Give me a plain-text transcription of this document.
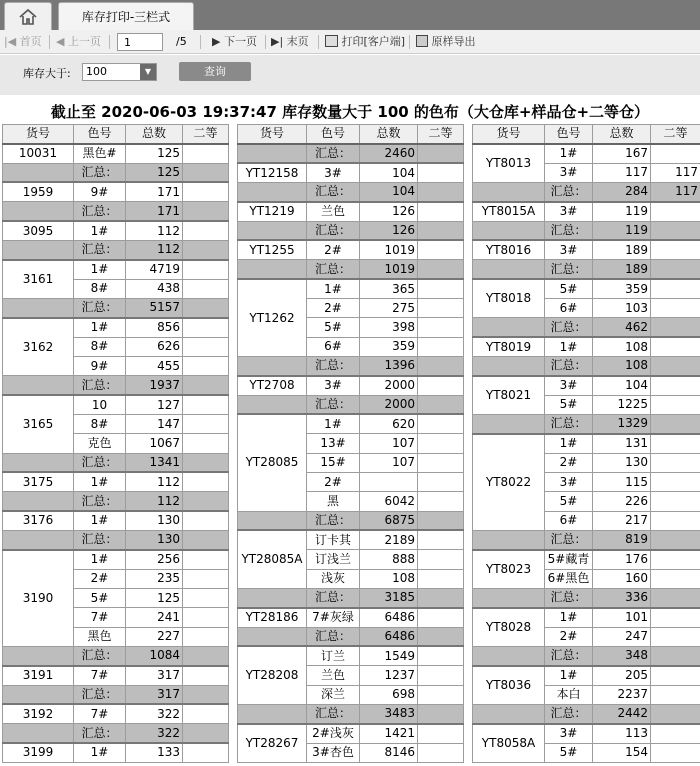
库存打印-三栏式
|◀ 首页 ◀ 上一页	▶ 下一页 ▶| 末页	打印[客户端]	原样导出
1
/5
库存大于:	100	▼	查询
截止至 2020-06-03 19:37:47 库存数量大于 100 的色布（大仓库+样品仓+二等仓）
货号	色号	总数	二等
10031	黑色#	125	
	汇总：	125	
1959	9#	171	
	汇总：	171	
3095	1#	112	
	汇总：	112	
3161	1#	4719	
	8#	438	
	汇总：	5157	
3162	1#	856	
	8#	626	
	9#	455	
	汇总：	1937	
3165	10	127	
	8#	147	
	克色	1067	
	汇总：	1341	
3175	1#	112	
	汇总：	112	
3176	1#	130	
	汇总：	130	
3190	1#	256	
	2#	235	
	5#	125	
	7#	241	
	黑色	227	
	汇总：	1084	
3191	7#	317	
	汇总：	317	
3192	7#	322	
	汇总：	322	
3199	1#	133	
货号	色号	总数	二等
	汇总：	2460	
YT12158	3#	104	
	汇总：	104	
YT1219	兰色	126	
	汇总：	126	
YT1255	2#	1019	
	汇总：	1019	
YT1262	1#	365	
	2#	275	
	5#	398	
	6#	359	
	汇总：	1396	
YT2708	3#	2000	
	汇总：	2000	
YT28085	1#	620	
	13#	107	
	15#	107	
	2#		
	黑	6042	
	汇总：	6875	
YT28085A	订卡其	2189	
	订浅兰	888	
	浅灰	108	
	汇总：	3185	
YT28186	7#灰绿	6486	
	汇总：	6486	
YT28208	订兰	1549	
	兰色	1237	
	深兰	698	
	汇总：	3483	
YT28267	2#浅灰	1421	
	3#杏色	8146	
货号	色号	总数	二等
YT8013	1#	167	
	3#	117	117
	汇总：	284	117
YT8015A	3#	119	
	汇总：	119	
YT8016	3#	189	
	汇总：	189	
YT8018	5#	359	
	6#	103	
	汇总：	462	
YT8019	1#	108	
	汇总：	108	
YT8021	3#	104	
	5#	1225	
	汇总：	1329	
YT8022	1#	131	
	2#	130	
	3#	115	
	5#	226	
	6#	217	
	汇总：	819	
YT8023	5#藏青	176	
	6#黑色	160	
	汇总：	336	
YT8028	1#	101	
	2#	247	
	汇总：	348	
YT8036	1#	205	
	本白	2237	
	汇总：	2442	
YT8058A	3#	113	
	5#	154	
